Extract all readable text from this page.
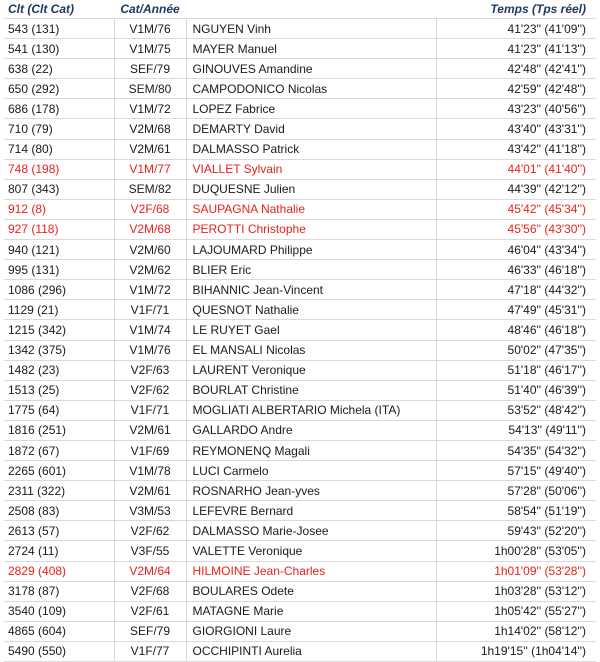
Clt (Clt Cat)	Cat/Année		Temps (Tps réel)
543 (131)	V1M/76	NGUYEN Vinh	41'23'' (41'09'')
541 (130)	V1M/75	MAYER Manuel	41'23'' (41'13'')
638 (22)	SEF/79	GINOUVES Amandine	42'48'' (42'41'')
650 (292)	SEM/80	CAMPODONICO Nicolas	42'59'' (42'48'')
686 (178)	V1M/72	LOPEZ Fabrice	43'23'' (40'56'')
710 (79)	V2M/68	DEMARTY David	43'40'' (43'31'')
714 (80)	V2M/61	DALMASSO Patrick	43'42'' (41'18'')
748 (198)	V1M/77	VIALLET Sylvain	44'01'' (41'40'')
807 (343)	SEM/82	DUQUESNE Julien	44'39'' (42'12'')
912 (8)	V2F/68	SAUPAGNA Nathalie	45'42'' (45'34'')
927 (118)	V2M/68	PEROTTI Christophe	45'56'' (43'30'')
940 (121)	V2M/60	LAJOUMARD Philippe	46'04'' (43'34'')
995 (131)	V2M/62	BLIER Eric	46'33'' (46'18'')
1086 (296)	V1M/72	BIHANNIC Jean-Vincent	47'18'' (44'32'')
1129 (21)	V1F/71	QUESNOT Nathalie	47'49'' (45'31'')
1215 (342)	V1M/74	LE RUYET Gael	48'46'' (46'18'')
1342 (375)	V1M/76	EL MANSALI Nicolas	50'02'' (47'35'')
1482 (23)	V2F/63	LAURENT Veronique	51'18'' (46'17'')
1513 (25)	V2F/62	BOURLAT Christine	51'40'' (46'39'')
1775 (64)	V1F/71	MOGLIATI ALBERTARIO Michela (ITA)	53'52'' (48'42'')
1816 (251)	V2M/61	GALLARDO Andre	54'13'' (49'11'')
1872 (67)	V1F/69	REYMONENQ Magali	54'35'' (54'32'')
2265 (601)	V1M/78	LUCI Carmelo	57'15'' (49'40'')
2311 (322)	V2M/61	ROSNARHO Jean-yves	57'28'' (50'06'')
2508 (83)	V3M/53	LEFEVRE Bernard	58'54'' (51'19'')
2613 (57)	V2F/62	DALMASSO Marie-Josee	59'43'' (52'20'')
2724 (11)	V3F/55	VALETTE Veronique	1h00'28'' (53'05'')
2829 (408)	V2M/64	HILMOINE Jean-Charles	1h01'09'' (53'28'')
3178 (87)	V2F/68	BOULARES Odete	1h03'28'' (53'12'')
3540 (109)	V2F/61	MATAGNE Marie	1h05'42'' (55'27'')
4865 (604)	SEF/79	GIORGIONI Laure	1h14'02'' (58'12'')
5490 (550)	V1F/77	OCCHIPINTI Aurelia	1h19'15'' (1h04'14'')
